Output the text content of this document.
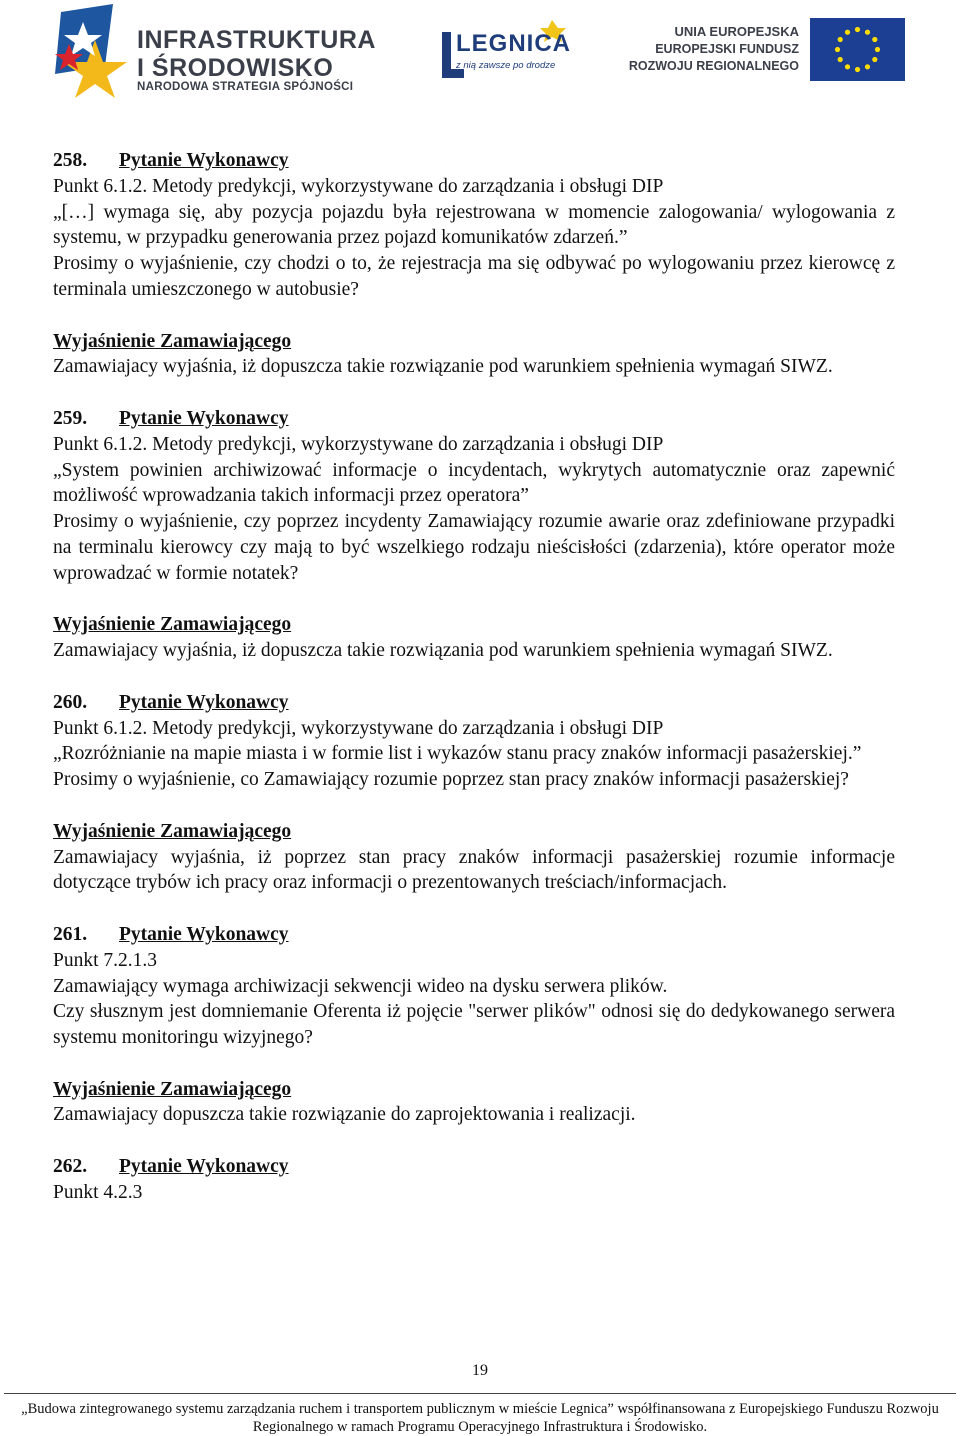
INFRASTRUKTURA
I ŚRODOWISKO
NARODOWA STRATEGIA SPÓJNOŚCI
LEGNICA
z nią zawsze po drodze
UNIA EUROPEJSKA
EUROPEJSKI FUNDUSZ
ROZWOJU REGIONALNEGO

258. Pytanie Wykonawcy

Punkt 6.1.2. Metody predykcji, wykorzystywane do zarządzania i obsługi DIP

„[…] wymaga się, aby pozycja pojazdu była rejestrowana w momencie zalogowania/ wylogowania z systemu, w przypadku generowania przez pojazd komunikatów zdarzeń.”

Prosimy o wyjaśnienie, czy chodzi o to, że rejestracja ma się odbywać po wylogowaniu przez kierowcę z terminala umieszczonego w autobusie?

Wyjaśnienie Zamawiającego

Zamawiajacy wyjaśnia, iż dopuszcza takie rozwiązanie pod warunkiem spełnienia wymagań SIWZ.

259. Pytanie Wykonawcy

Punkt 6.1.2. Metody predykcji, wykorzystywane do zarządzania i obsługi DIP

„System powinien archiwizować informacje o incydentach, wykrytych automatycznie oraz zapewnić możliwość wprowadzania takich informacji przez operatora”

Prosimy o wyjaśnienie, czy poprzez incydenty Zamawiający rozumie awarie oraz zdefiniowane przypadki na terminalu kierowcy czy mają to być wszelkiego rodzaju nieścisłości (zdarzenia), które operator może wprowadzać w formie notatek?

Wyjaśnienie Zamawiającego

Zamawiajacy wyjaśnia, iż dopuszcza takie rozwiązania pod warunkiem spełnienia wymagań SIWZ.

260. Pytanie Wykonawcy

Punkt 6.1.2. Metody predykcji, wykorzystywane do zarządzania i obsługi DIP

„Rozróżnianie na mapie miasta i w formie list i wykazów stanu pracy znaków informacji pasażerskiej.”

Prosimy o wyjaśnienie, co Zamawiający rozumie poprzez stan pracy znaków informacji pasażerskiej?

Wyjaśnienie Zamawiającego

Zamawiajacy wyjaśnia, iż poprzez stan pracy znaków informacji pasażerskiej rozumie informacje dotyczące trybów ich pracy oraz informacji o prezentowanych treściach/informacjach.

261. Pytanie Wykonawcy

Punkt 7.2.1.3

Zamawiający wymaga archiwizacji sekwencji wideo na dysku serwera plików.

Czy słusznym jest domniemanie Oferenta iż pojęcie "serwer plików" odnosi się do dedykowanego serwera systemu monitoringu wizyjnego?

Wyjaśnienie Zamawiającego

Zamawiajacy dopuszcza takie rozwiązanie do zaprojektowania i realizacji.

262. Pytanie Wykonawcy

Punkt 4.2.3

19
„Budowa zintegrowanego systemu zarządzania ruchem i transportem publicznym w mieście Legnica” współfinansowana z Europejskiego Funduszu Rozwoju Regionalnego w ramach Programu Operacyjnego Infrastruktura i Środowisko.
